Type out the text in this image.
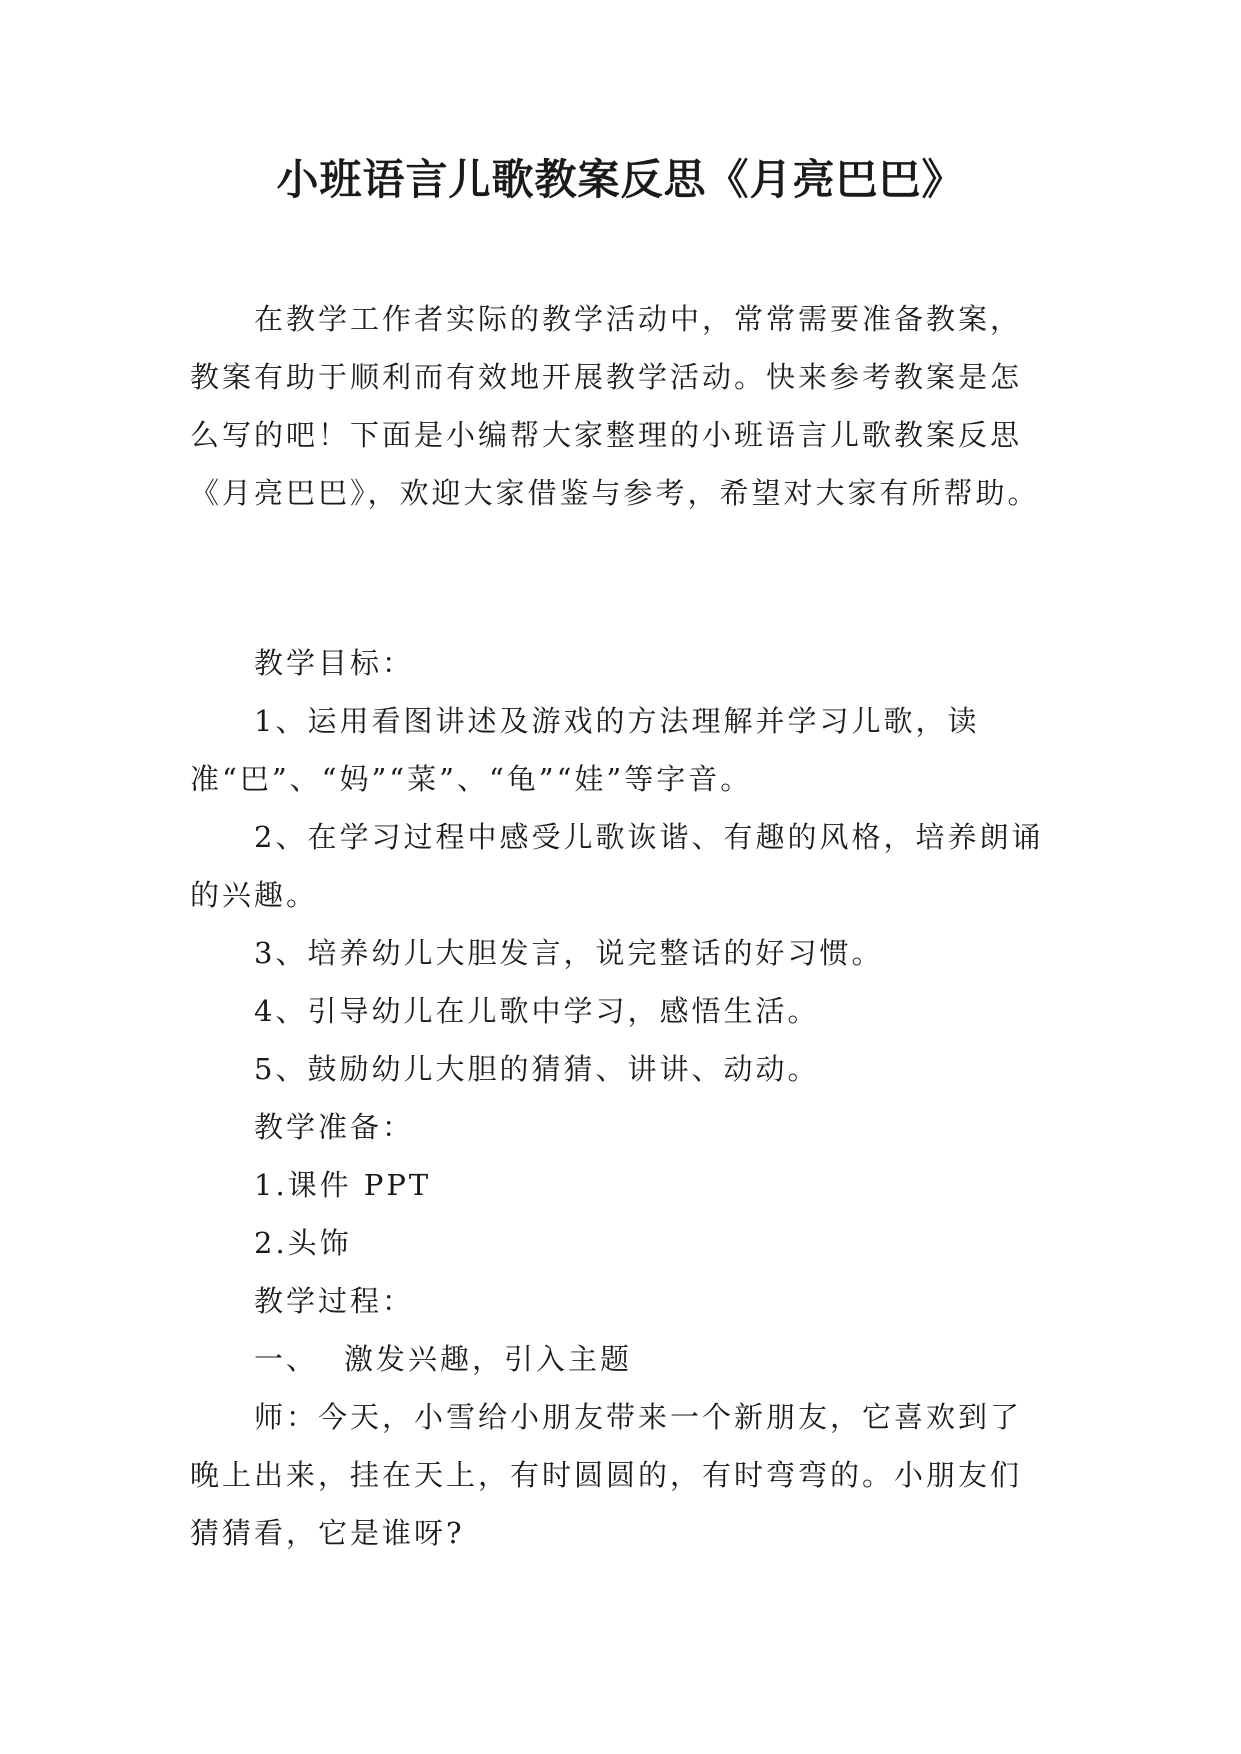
小班语言儿歌教案反思《月亮巴巴》

在教学工作者实际的教学活动中，常常需要准备教案，教案有助于顺利而有效地开展教学活动。快来参考教案是怎么写的吧！下面是小编帮大家整理的小班语言儿歌教案反思《月亮巴巴》，欢迎大家借鉴与参考，希望对大家有所帮助。

教学目标：

1、运用看图讲述及游戏的方法理解并学习儿歌，读准“巴”、“妈”“菜”、“龟”“娃”等字音。

2、在学习过程中感受儿歌诙谐、有趣的风格，培养朗诵的兴趣。

3、培养幼儿大胆发言，说完整话的好习惯。

4、引导幼儿在儿歌中学习，感悟生活。

5、鼓励幼儿大胆的猜猜、讲讲、动动。

教学准备：
1.课件 PPT
2.头饰
教学过程：
一、 激发兴趣，引入主题

师：今天，小雪给小朋友带来一个新朋友，它喜欢到了晚上出来，挂在天上，有时圆圆的，有时弯弯的。小朋友们猜猜看，它是谁呀?
